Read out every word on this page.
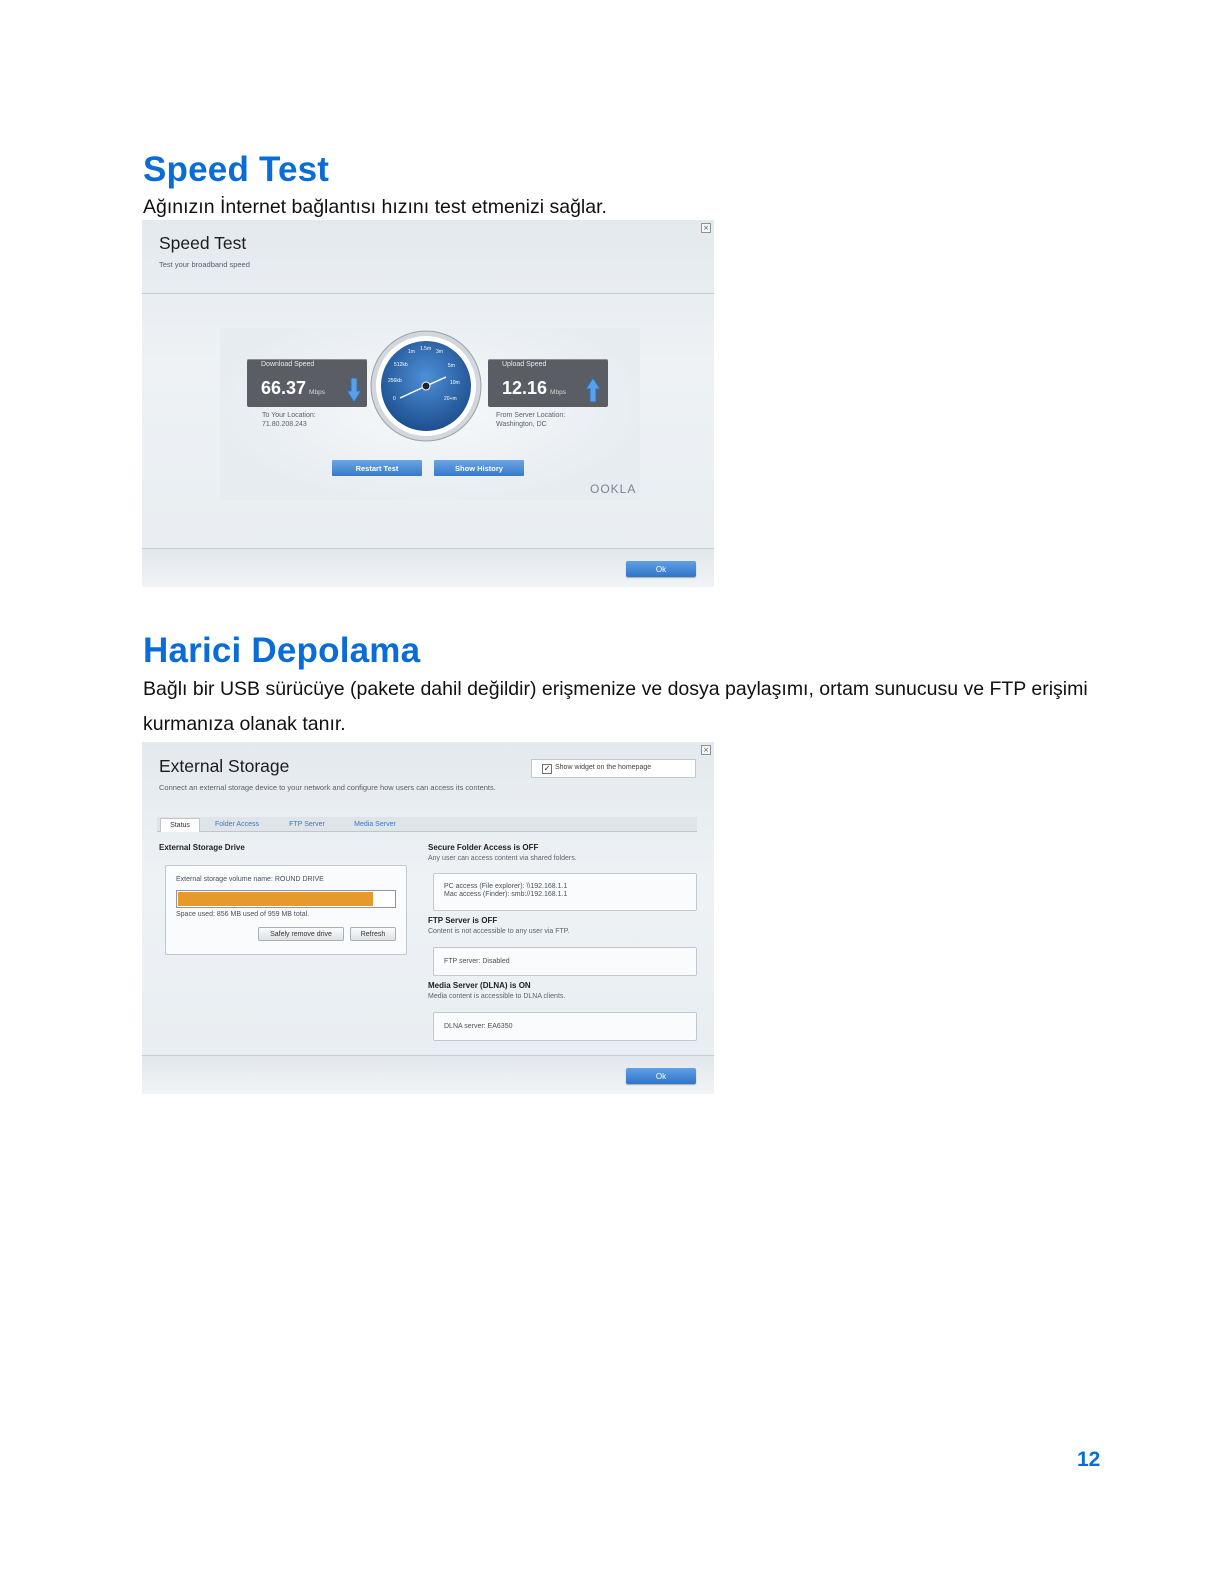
Speed Test

Ağınızın İnternet bağlantısı hızını test etmenizi sağlar.

×
Speed Test
Test your broadband speed
Download Speed
66.37 Mbps
Upload Speed
12.16 Mbps
To Your Location:
71.80.208.243
From Server Location:
Washington, DC
1m 1.5m 3m
512kb	5m
256kb	10m
0	20+m
Restart Test	Show History
OOKLA
Ok
Harici Depolama

Bağlı bir USB sürücüye (pakete dahil değildir) erişmenize ve dosya paylaşımı, ortam sunucusu ve FTP erişimi kurmanıza olanak tanır.

×
External Storage
Connect an external storage device to your network and configure how users can access its contents.
✓ Show widget on the homepage
Status	Folder Access	FTP Server	Media Server
External Storage Drive
External storage volume name: ROUND DRIVE
Space used: 856 MB used of 959 MB total.
Safely remove drive	Refresh
Secure Folder Access is OFF
Any user can access content via shared folders.
PC access (File explorer): \\192.168.1.1
Mac access (Finder): smb://192.168.1.1
FTP Server is OFF
Content is not accessible to any user via FTP.
FTP server: Disabled
Media Server (DLNA) is ON
Media content is accessible to DLNA clients.
DLNA server: EA6350
Ok
12
